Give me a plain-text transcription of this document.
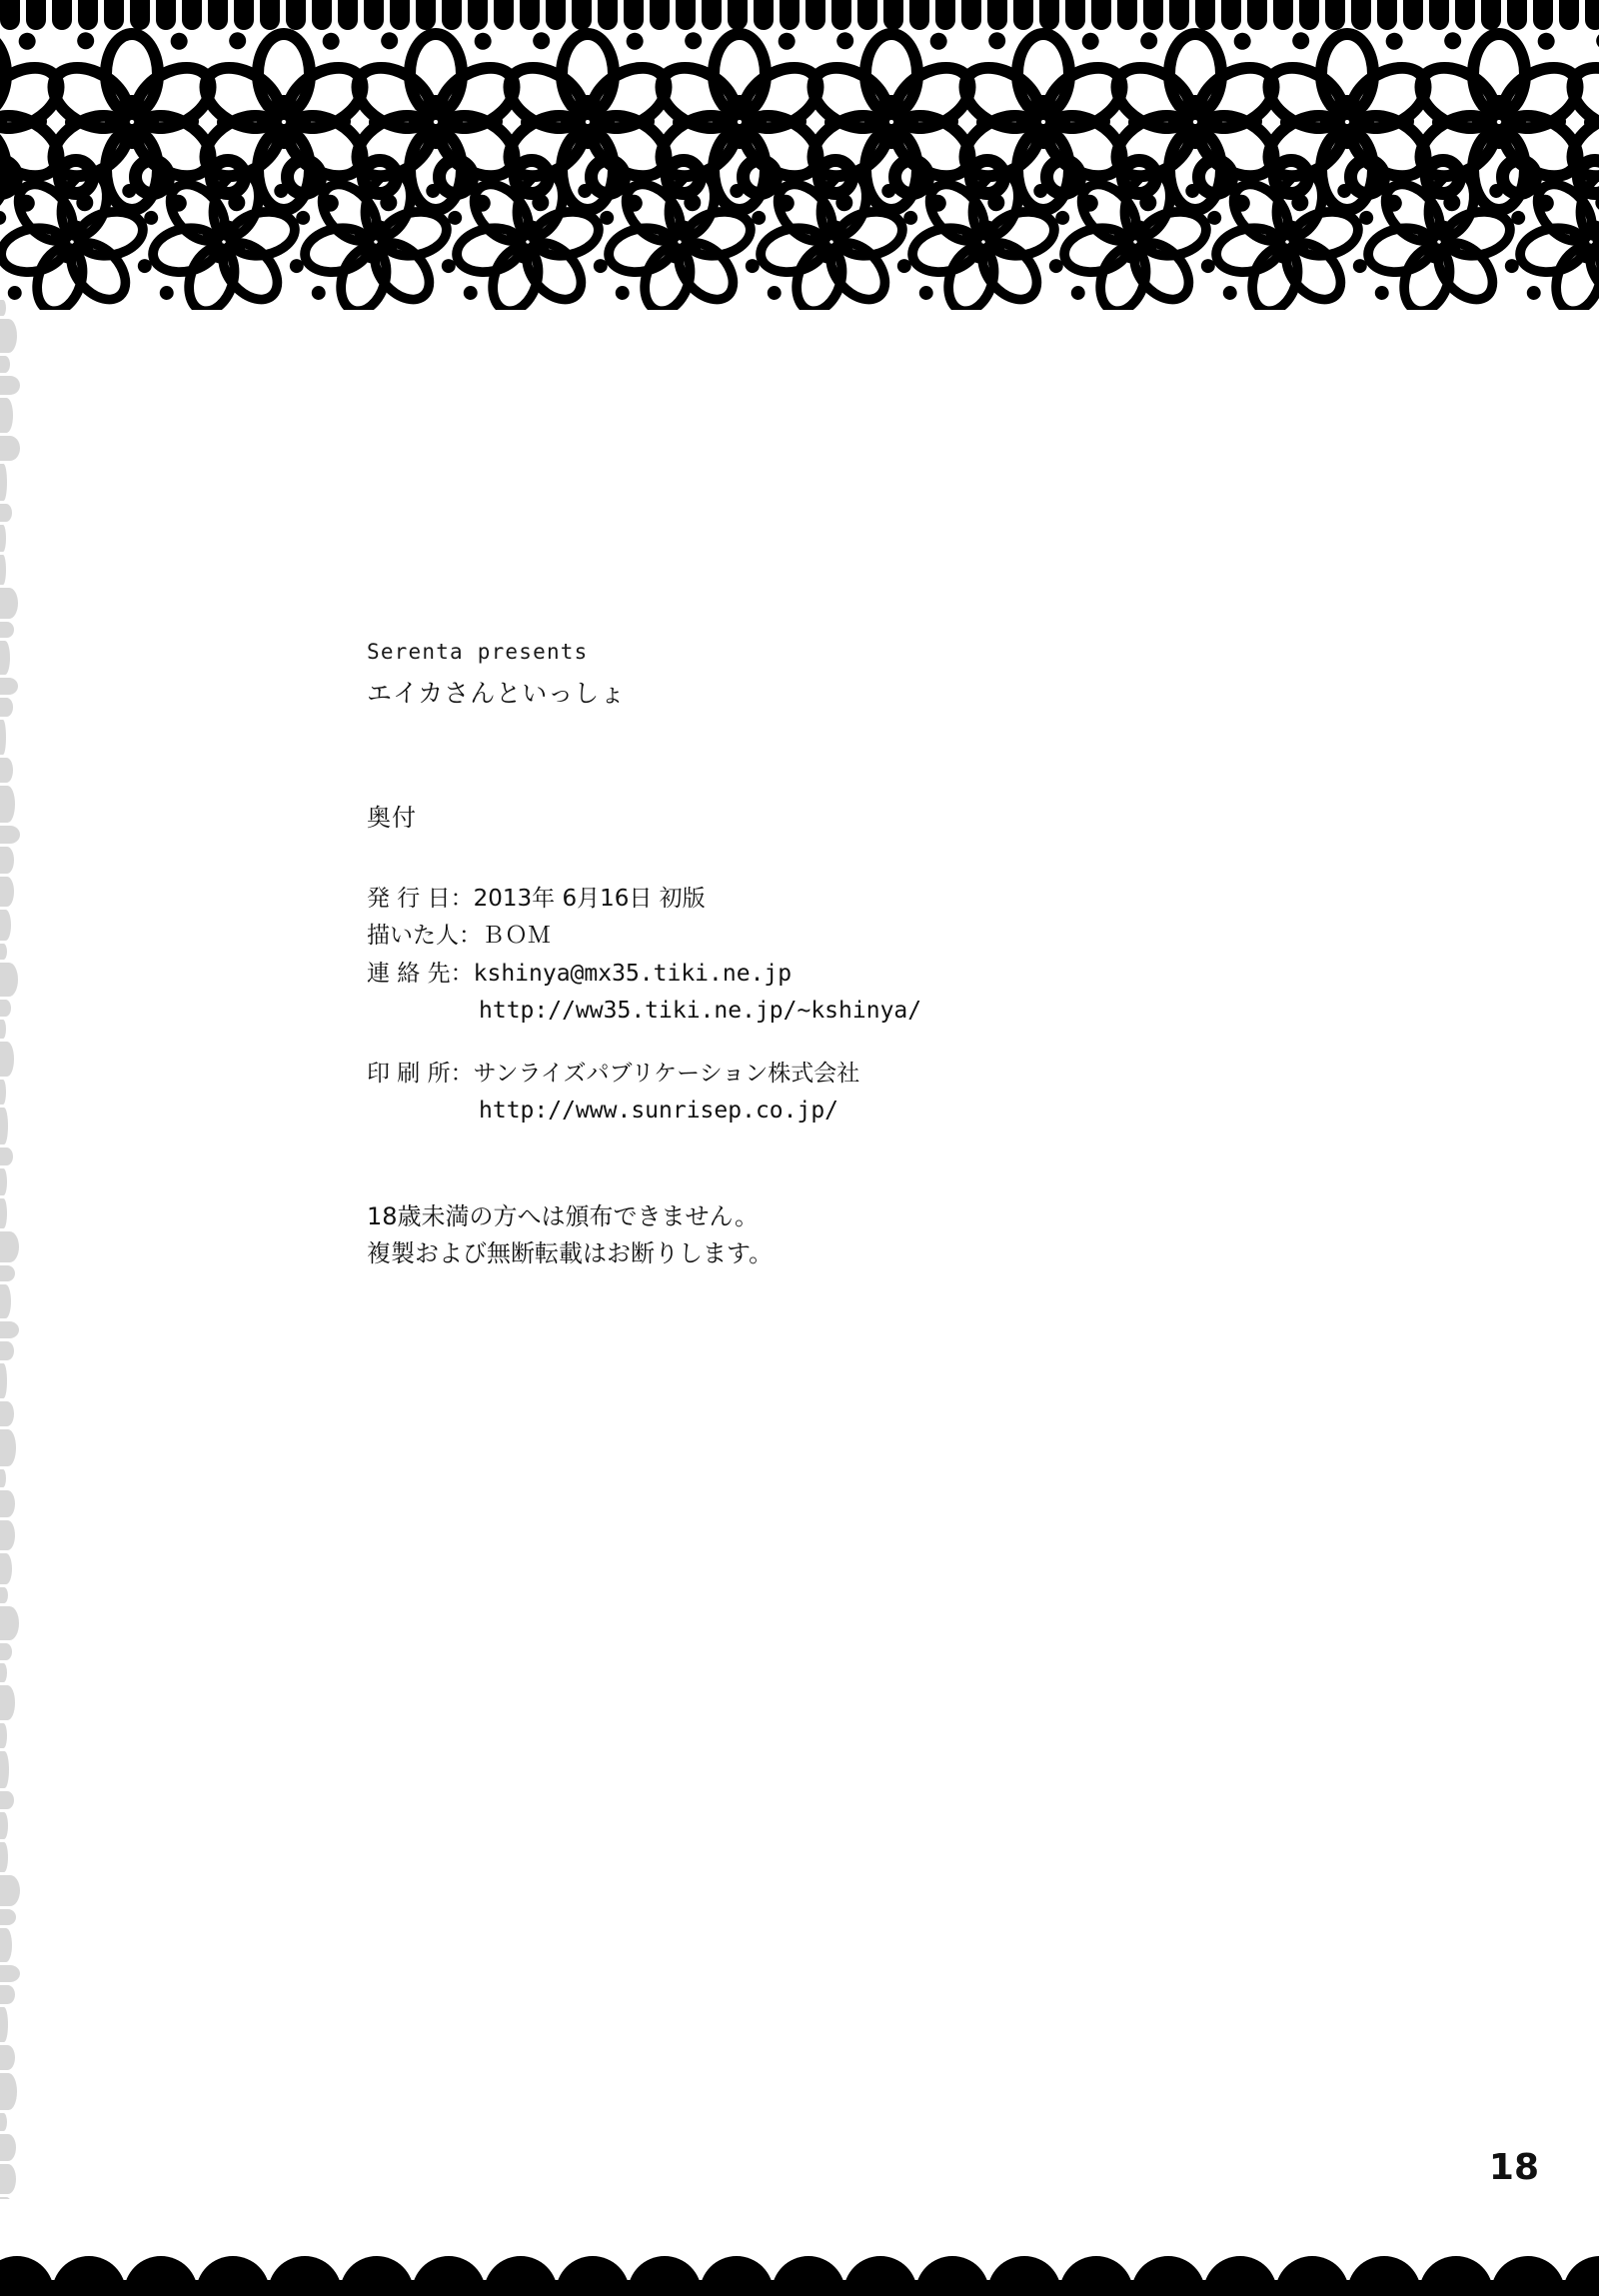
Serenta presents

エイカさんといっしょ

奥付

発 行 日：2013年 6月16日 初版
描いた人：ＢＯＭ
連 絡 先：kshinya@mx35.tiki.ne.jp
http://ww35.tiki.ne.jp/~kshinya/
印 刷 所：サンライズパブリケーション株式会社
http://www.sunrisep.co.jp/

18歳未満の方へは頒布できません。

複製および無断転載はお断りします。

18
